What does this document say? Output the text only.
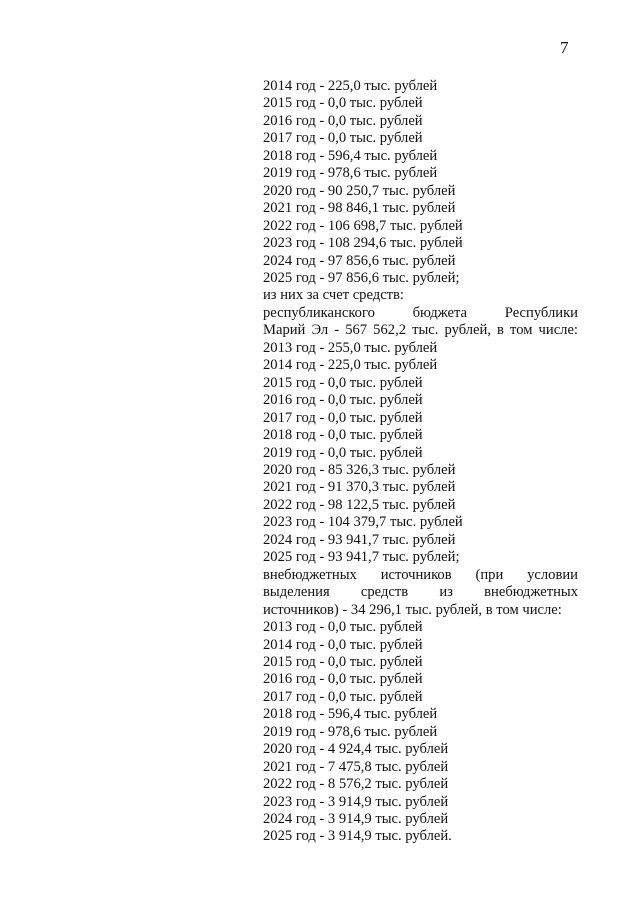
7
2014 год - 225,0 тыс. рублей
2015 год - 0,0 тыс. рублей
2016 год - 0,0 тыс. рублей
2017 год - 0,0 тыс. рублей
2018 год - 596,4 тыс. рублей
2019 год - 978,6 тыс. рублей
2020 год - 90 250,7 тыс. рублей
2021 год - 98 846,1 тыс. рублей
2022 год - 106 698,7 тыс. рублей
2023 год - 108 294,6 тыс. рублей
2024 год - 97 856,6 тыс. рублей
2025 год - 97 856,6 тыс. рублей;
из них за счет средств:
республиканского бюджета Республики
Марий Эл - 567 562,2 тыс. рублей, в том числе:
2013 год - 255,0 тыс. рублей
2014 год - 225,0 тыс. рублей
2015 год - 0,0 тыс. рублей
2016 год - 0,0 тыс. рублей
2017 год - 0,0 тыс. рублей
2018 год - 0,0 тыс. рублей
2019 год - 0,0 тыс. рублей
2020 год - 85 326,3 тыс. рублей
2021 год - 91 370,3 тыс. рублей
2022 год - 98 122,5 тыс. рублей
2023 год - 104 379,7 тыс. рублей
2024 год - 93 941,7 тыс. рублей
2025 год - 93 941,7 тыс. рублей;
внебюджетных источников (при условии
выделения средств из внебюджетных
источников) - 34 296,1 тыс. рублей, в том числе:
2013 год - 0,0 тыс. рублей
2014 год - 0,0 тыс. рублей
2015 год - 0,0 тыс. рублей
2016 год - 0,0 тыс. рублей
2017 год - 0,0 тыс. рублей
2018 год - 596,4 тыс. рублей
2019 год - 978,6 тыс. рублей
2020 год - 4 924,4 тыс. рублей
2021 год - 7 475,8 тыс. рублей
2022 год - 8 576,2 тыс. рублей
2023 год - 3 914,9 тыс. рублей
2024 год - 3 914,9 тыс. рублей
2025 год - 3 914,9 тыс. рублей.
